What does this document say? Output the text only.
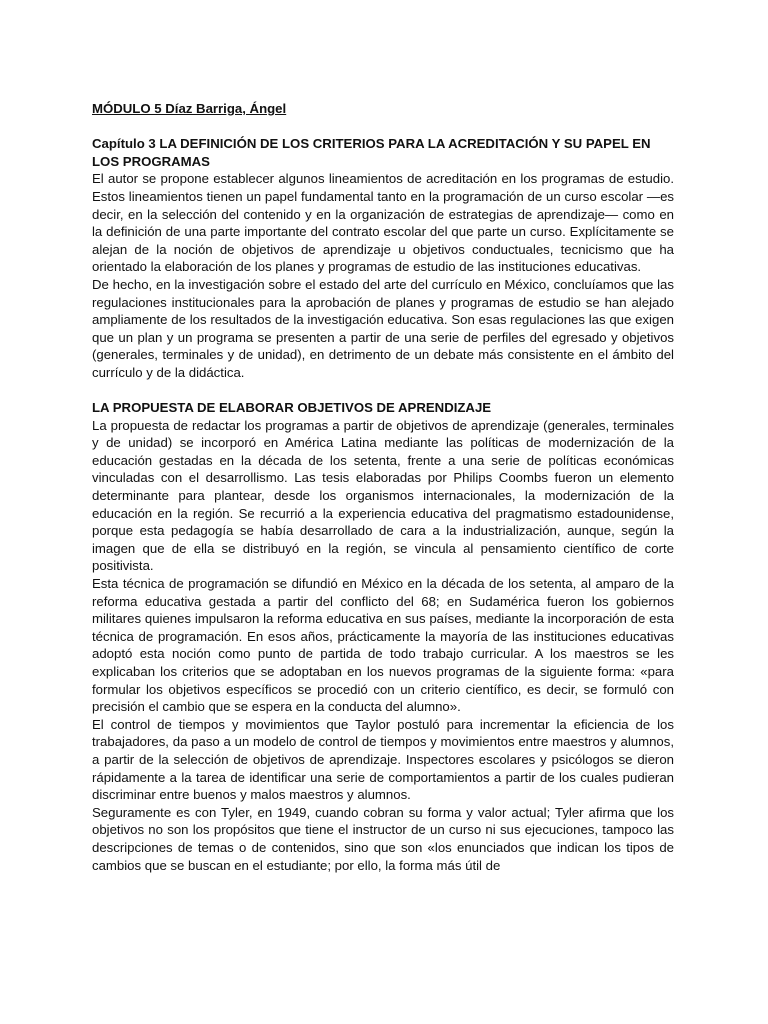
MÓDULO 5 Díaz Barriga, Ángel
Capítulo 3 LA DEFINICIÓN DE LOS CRITERIOS PARA LA ACREDITACIÓN Y SU PAPEL EN LOS PROGRAMAS

El autor se propone establecer algunos lineamientos de acreditación en los programas de estudio. Estos lineamientos tienen un papel fundamental tanto en la programación de un curso escolar —es decir, en la selección del contenido y en la organización de estrategias de aprendizaje— como en la definición de una parte importante del contrato escolar del que parte un curso. Explícitamente se alejan de la noción de objetivos de aprendizaje u objetivos conductuales, tecnicismo que ha orientado la elaboración de los planes y programas de estudio de las instituciones educativas.

De hecho, en la investigación sobre el estado del arte del currículo en México, concluíamos que las regulaciones institucionales para la aprobación de planes y programas de estudio se han alejado ampliamente de los resultados de la investigación educativa. Son esas regulaciones las que exigen que un plan y un programa se presenten a partir de una serie de perfiles del egresado y objetivos (generales, terminales y de unidad), en detrimento de un debate más consistente en el ámbito del currículo y de la didáctica.

LA PROPUESTA DE ELABORAR OBJETIVOS DE APRENDIZAJE

La propuesta de redactar los programas a partir de objetivos de aprendizaje (generales, terminales y de unidad) se incorporó en América Latina mediante las políticas de modernización de la educación gestadas en la década de los setenta, frente a una serie de políticas económicas vinculadas con el desarrollismo. Las tesis elaboradas por Philips Coombs fueron un elemento determinante para plantear, desde los organismos internacionales, la modernización de la educación en la región. Se recurrió a la experiencia educativa del pragmatismo estadounidense, porque esta pedagogía se había desarrollado de cara a la industrialización, aunque, según la imagen que de ella se distribuyó en la región, se vincula al pensamiento científico de corte positivista.

Esta técnica de programación se difundió en México en la década de los setenta, al amparo de la reforma educativa gestada a partir del conflicto del 68; en Sudamérica fueron los gobiernos militares quienes impulsaron la reforma educativa en sus países, mediante la incorporación de esta técnica de programación. En esos años, prácticamente la mayoría de las instituciones educativas adoptó esta noción como punto de partida de todo trabajo curricular. A los maestros se les explicaban los criterios que se adoptaban en los nuevos programas de la siguiente forma: «para formular los objetivos específicos se procedió con un criterio científico, es decir, se formuló con precisión el cambio que se espera en la conducta del alumno».

El control de tiempos y movimientos que Taylor postuló para incrementar la eficiencia de los trabajadores, da paso a un modelo de control de tiempos y movimientos entre maestros y alumnos, a partir de la selección de objetivos de aprendizaje. Inspectores escolares y psicólogos se dieron rápidamente a la tarea de identificar una serie de comportamientos a partir de los cuales pudieran discriminar entre buenos y malos maestros y alumnos.

Seguramente es con Tyler, en 1949, cuando cobran su forma y valor actual; Tyler afirma que los objetivos no son los propósitos que tiene el instructor de un curso ni sus ejecuciones, tampoco las descripciones de temas o de contenidos, sino que son «los enunciados que indican los tipos de cambios que se buscan en el estudiante; por ello, la forma más útil de
